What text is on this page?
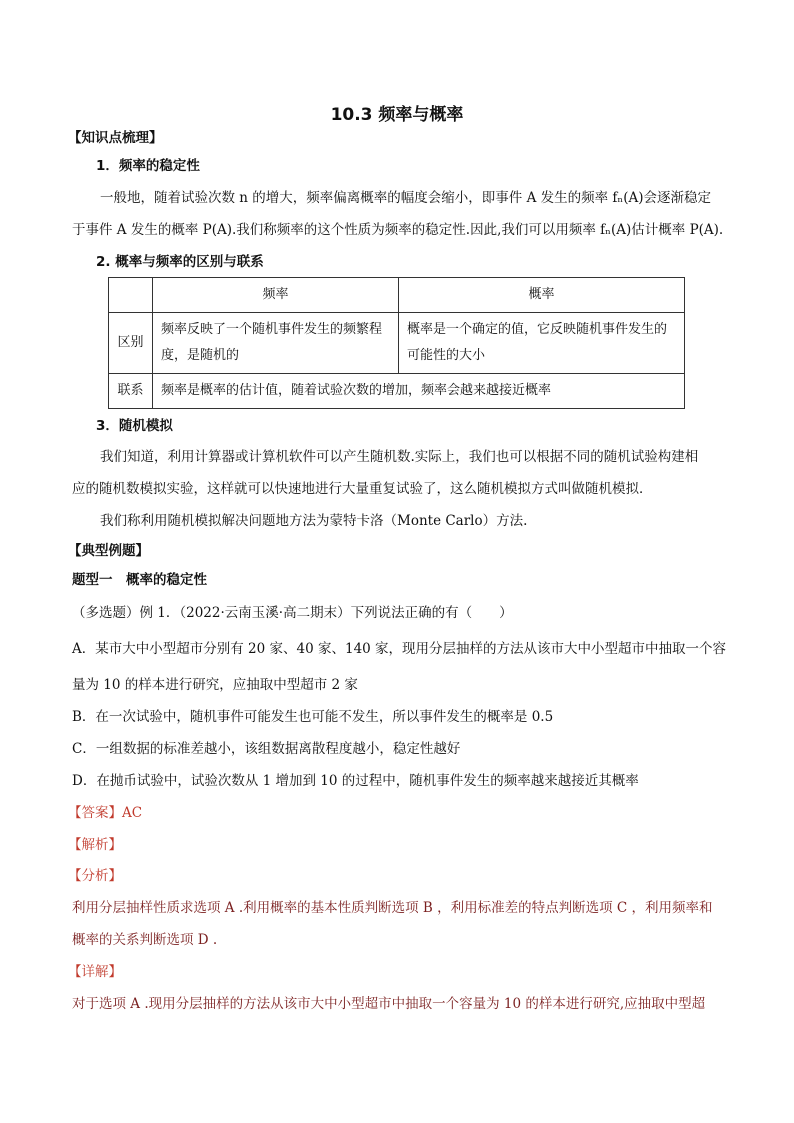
10.3 频率与概率
【知识点梳理】
1．频率的稳定性
一般地，随着试验次数 n 的增大，频率偏离概率的幅度会缩小，即事件 A 发生的频率 fₙ(A)会逐渐稳定
于事件 A 发生的概率 P(A).我们称频率的这个性质为频率的稳定性.因此,我们可以用频率 fₙ(A)估计概率 P(A).
2. 概率与频率的区别与联系
	频率	概率
区别	频率反映了一个随机事件发生的频繁程度，是随机的	概率是一个确定的值，它反映随机事件发生的可能性的大小
联系	频率是概率的估计值，随着试验次数的增加，频率会越来越接近概率	
3．随机模拟
我们知道，利用计算器或计算机软件可以产生随机数.实际上，我们也可以根据不同的随机试验构建相
应的随机数模拟实验，这样就可以快速地进行大量重复试验了，这么随机模拟方式叫做随机模拟．
我们称利用随机模拟解决问题地方法为蒙特卡洛（Monte Carlo）方法.
【典型例题】
题型一　概率的稳定性
（多选题）例 1．（2022·云南玉溪·高二期末）下列说法正确的有（　　）
A．某市大中小型超市分别有 20 家、40 家、140 家，现用分层抽样的方法从该市大中小型超市中抽取一个容
量为 10 的样本进行研究，应抽取中型超市 2 家
B．在一次试验中，随机事件可能发生也可能不发生，所以事件发生的概率是 0.5
C．一组数据的标准差越小，该组数据离散程度越小，稳定性越好
D．在抛币试验中，试验次数从 1 增加到 10 的过程中，随机事件发生的频率越来越接近其概率
【答案】AC
【解析】
【分析】
利用分层抽样性质求选项 A .利用概率的基本性质判断选项 B ，利用标准差的特点判断选项 C ，利用频率和
概率的关系判断选项 D .
【详解】
对于选项 A .现用分层抽样的方法从该市大中小型超市中抽取一个容量为 10 的样本进行研究,应抽取中型超
